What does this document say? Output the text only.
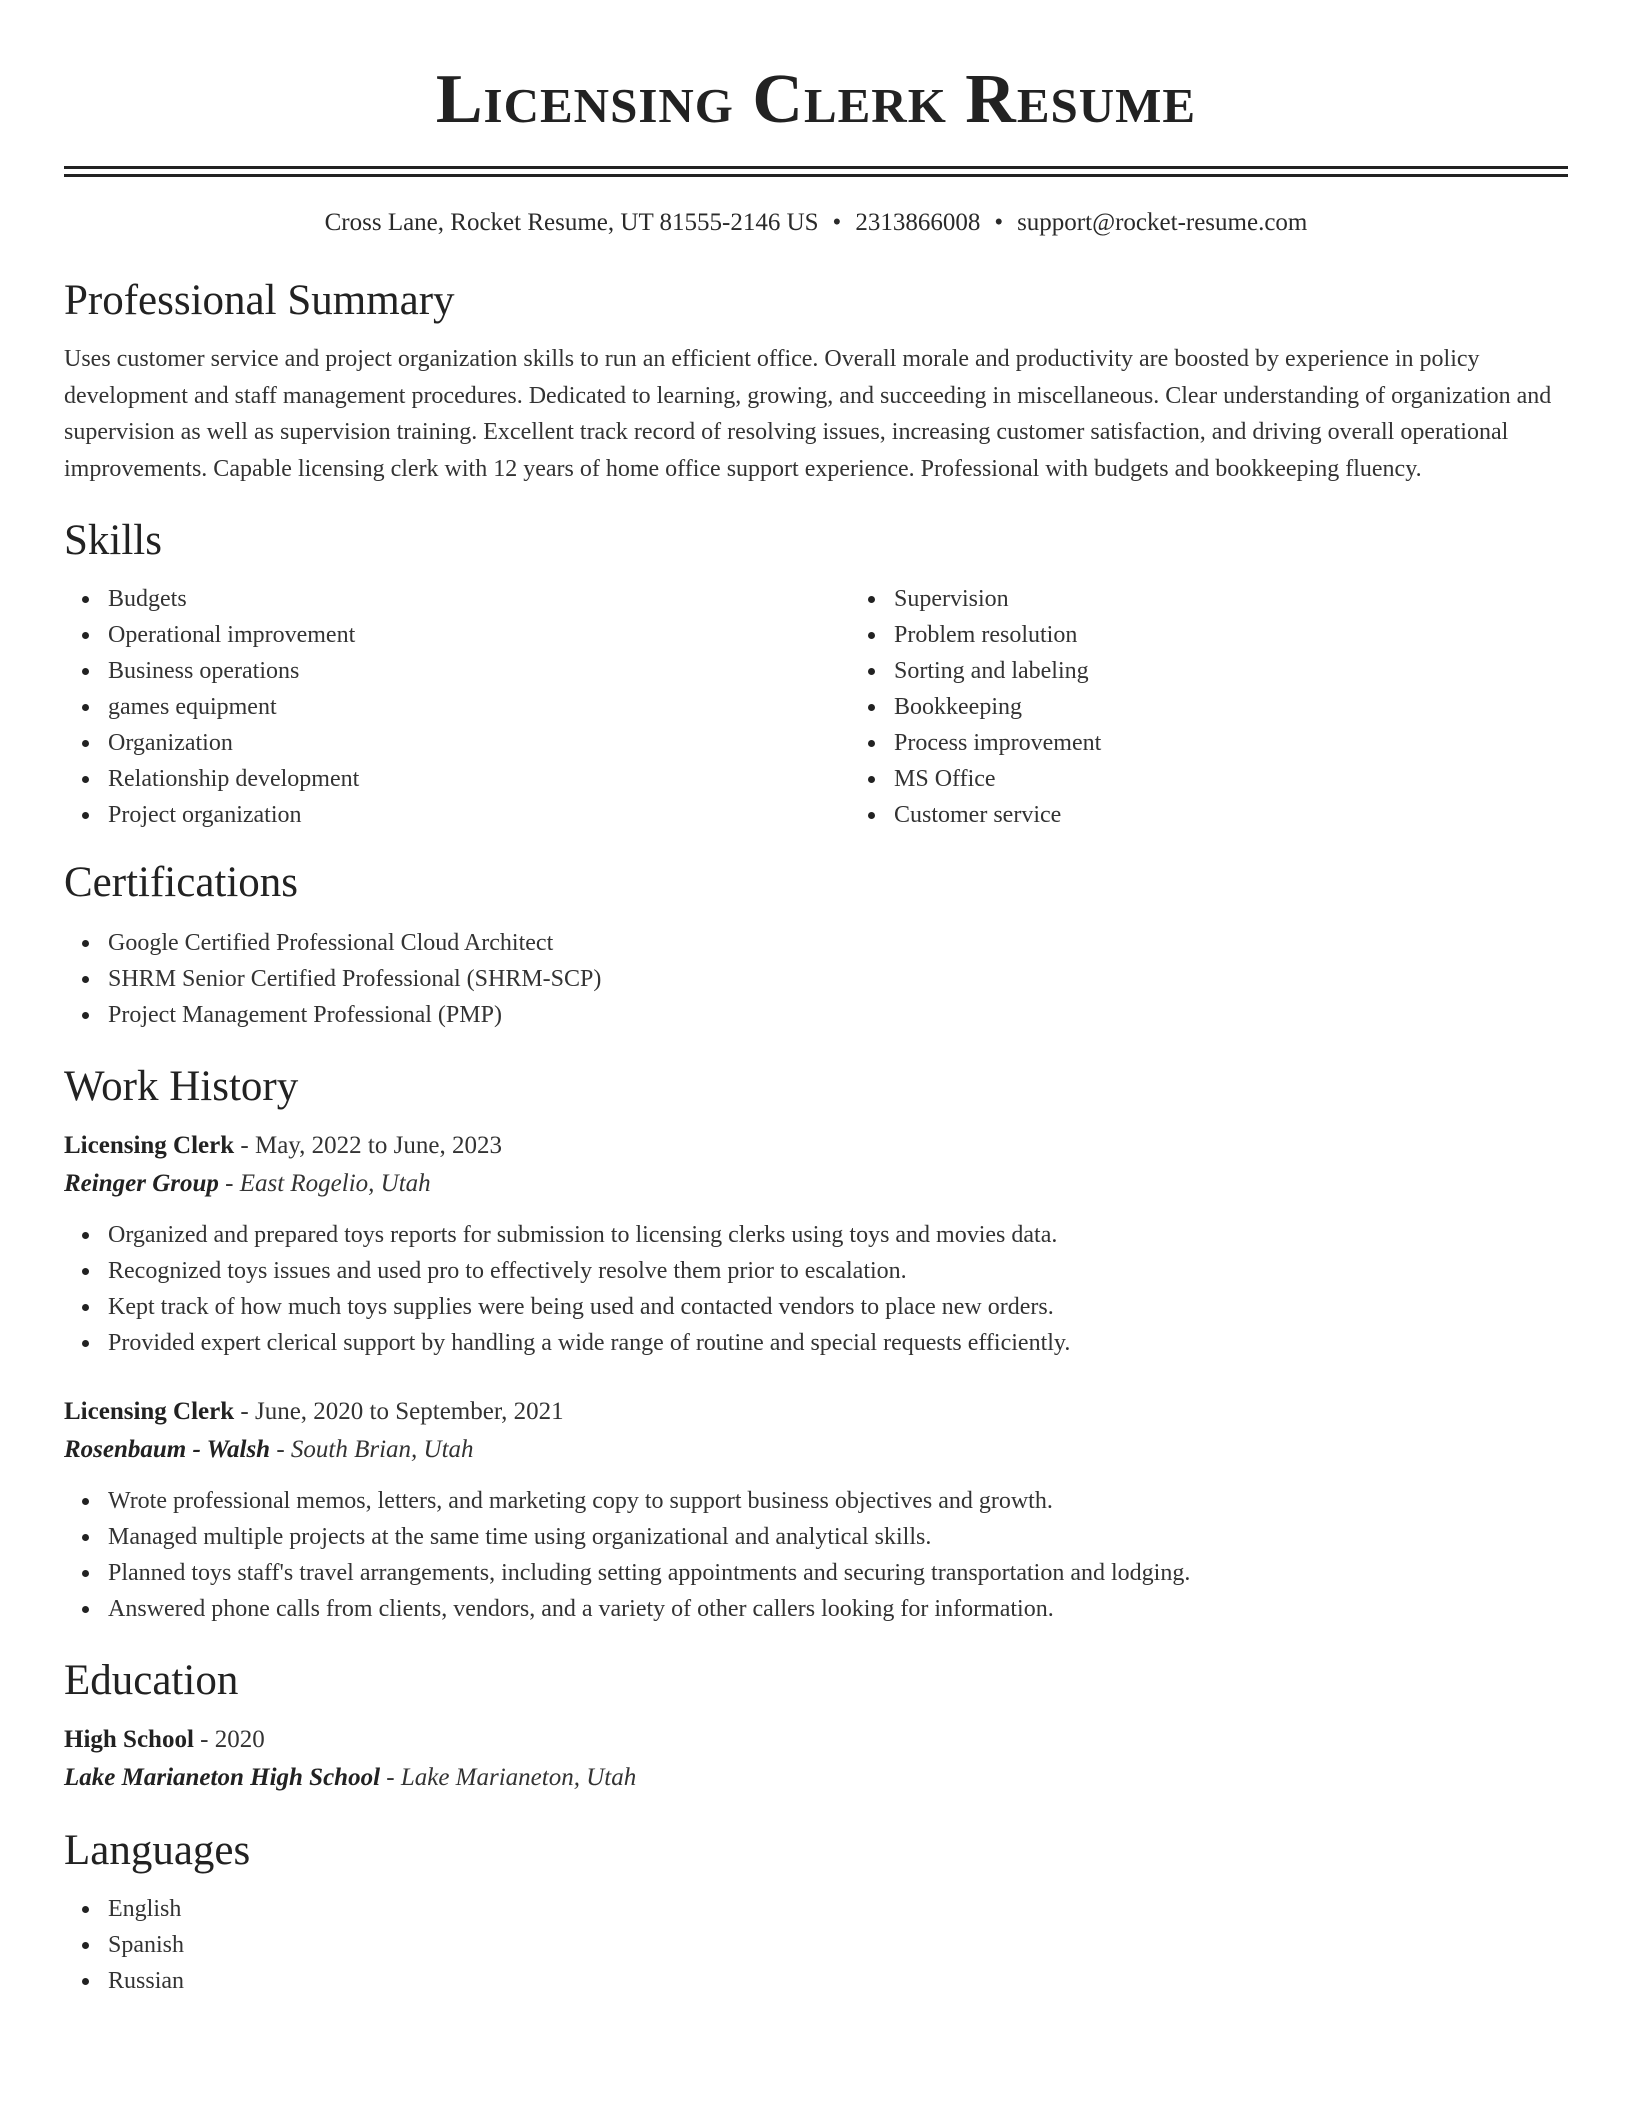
Licensing Clerk Resume
Cross Lane, Rocket Resume, UT 81555-2146 US • 2313866008 • support@rocket-resume.com
Professional Summary

Uses customer service and project organization skills to run an efficient office. Overall morale and productivity are boosted by experience in policy development and staff management procedures. Dedicated to learning, growing, and succeeding in miscellaneous. Clear understanding of organization and supervision as well as supervision training. Excellent track record of resolving issues, increasing customer satisfaction, and driving overall operational improvements. Capable licensing clerk with 12 years of home office support experience. Professional with budgets and bookkeeping fluency.

Skills
Budgets
Operational improvement
Business operations
games equipment
Organization
Relationship development
Project organization
Supervision
Problem resolution
Sorting and labeling
Bookkeeping
Process improvement
MS Office
Customer service
Certifications
Google Certified Professional Cloud Architect
SHRM Senior Certified Professional (SHRM-SCP)
Project Management Professional (PMP)
Work History
Licensing Clerk - May, 2022 to June, 2023
Reinger Group - East Rogelio, Utah
Organized and prepared toys reports for submission to licensing clerks using toys and movies data.
Recognized toys issues and used pro to effectively resolve them prior to escalation.
Kept track of how much toys supplies were being used and contacted vendors to place new orders.
Provided expert clerical support by handling a wide range of routine and special requests efficiently.
Licensing Clerk - June, 2020 to September, 2021
Rosenbaum - Walsh - South Brian, Utah
Wrote professional memos, letters, and marketing copy to support business objectives and growth.
Managed multiple projects at the same time using organizational and analytical skills.
Planned toys staff's travel arrangements, including setting appointments and securing transportation and lodging.
Answered phone calls from clients, vendors, and a variety of other callers looking for information.
Education
High School - 2020
Lake Marianeton High School - Lake Marianeton, Utah
Languages
English
Spanish
Russian
